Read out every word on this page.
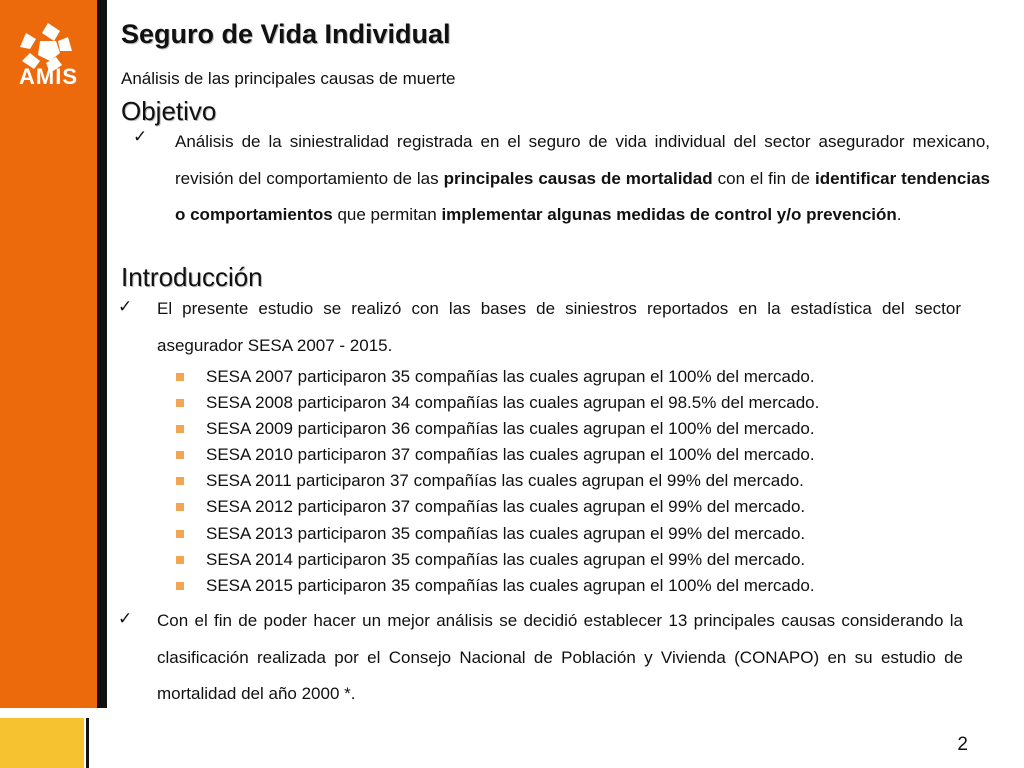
AMIS
Seguro de Vida Individual
Análisis de las principales causas de muerte
Objetivo
✓ Análisis de la siniestralidad registrada en el seguro de vida individual del sector asegurador mexicano, revisión del comportamiento de las principales causas de mortalidad con el fin de identificar tendencias o comportamientos que permitan implementar algunas medidas de control y/o prevención.
Introducción
✓ El presente estudio se realizó con las bases de siniestros reportados en la estadística del sector asegurador SESA 2007 - 2015.
SESA 2007 participaron 35 compañías las cuales agrupan el 100% del mercado.
SESA 2008 participaron 34 compañías las cuales agrupan el 98.5% del mercado.
SESA 2009 participaron 36 compañías las cuales agrupan el 100% del mercado.
SESA 2010 participaron 37 compañías las cuales agrupan el 100% del mercado.
SESA 2011 participaron 37 compañías las cuales agrupan el 99% del mercado.
SESA 2012 participaron 37 compañías las cuales agrupan el 99% del mercado.
SESA 2013 participaron 35 compañías las cuales agrupan el 99% del mercado.
SESA 2014 participaron 35 compañías las cuales agrupan el 99% del mercado.
SESA 2015 participaron 35 compañías las cuales agrupan el 100% del mercado.
✓ Con el fin de poder hacer un mejor análisis se decidió establecer 13 principales causas considerando la clasificación realizada por el Consejo Nacional de Población y Vivienda (CONAPO) en su estudio de mortalidad del año 2000 *.
2
